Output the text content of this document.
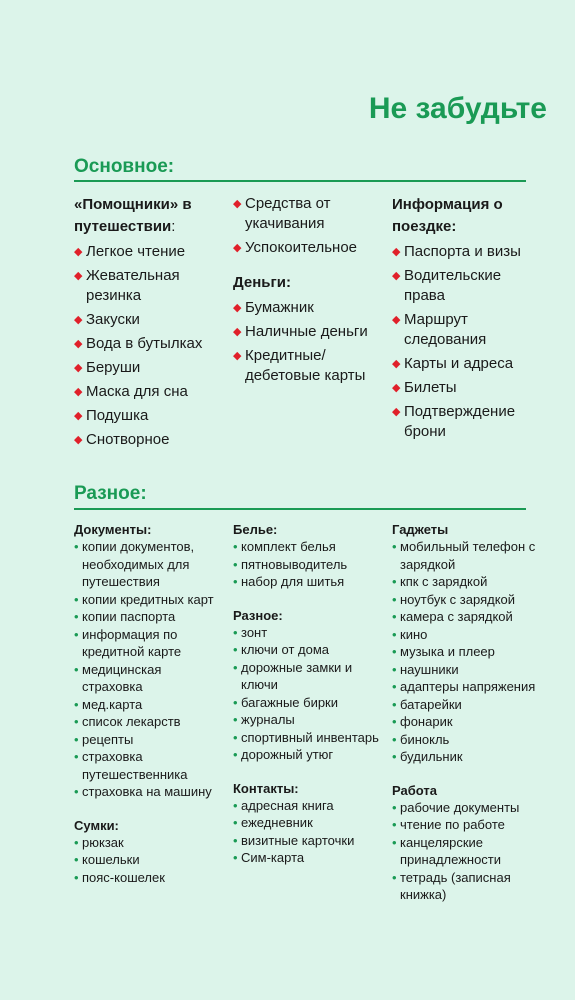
Не забудьте
Основное:

«Помощники» в путешествии:

◆ Легкое чтение
◆ Жевательная резинка
◆ Закуски
◆ Вода в бутылках
◆ Беруши
◆ Маска для сна
◆ Подушка
◆ Снотворное
◆ Средства от укачивания
◆ Успокоительное

Деньги:

◆ Бумажник
◆ Наличные деньги
◆ Кредитные/ дебетовые карты

Информация о поездке:

◆ Паспорта и визы
◆ Водительские права
◆ Маршрут следования
◆ Карты и адреса
◆ Билеты
◆ Подтверждение брони
Разное:

Документы:

• копии документов, необходимых для путешествия
• копии кредитных карт
• копии паспорта
• информация по кредитной карте
• медицинская страховка
• мед.карта
• список лекарств
• рецепты
• страховка путешественника
• страховка на машину

Сумки:

• рюкзак
• кошельки
• пояс-кошелек

Белье:

• комплект белья
• пятновыводитель
• набор для шитья

Разное:

• зонт
• ключи от дома
• дорожные замки и ключи
• багажные бирки
• журналы
• спортивный инвентарь
• дорожный утюг

Контакты:

• адресная книга
• ежедневник
• визитные карточки
• Сим-карта

Гаджеты

• мобильный телефон с зарядкой
• кпк с зарядкой
• ноутбук с зарядкой
• камера с зарядкой
• кино
• музыка и плеер
• наушники
• адаптеры напряжения
• батарейки
• фонарик
• бинокль
• будильник

Работа

• рабочие документы
• чтение по работе
• канцелярские принадлежности
• тетрадь (записная книжка)
